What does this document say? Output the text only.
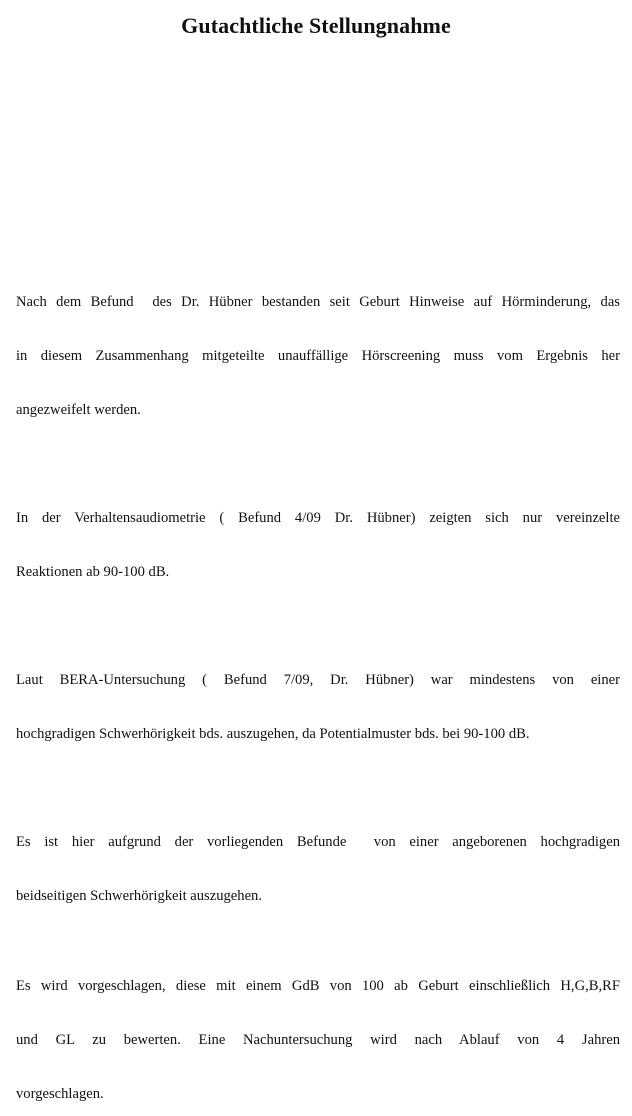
Gutachtliche Stellungnahme

Nach dem Befund  des Dr. Hübner bestanden seit Geburt Hinweise auf Hörminderung, das

in diesem Zusammenhang mitgeteilte unauffällige Hörscreening muss vom Ergebnis her

angezweifelt werden.

In der Verhaltensaudiometrie ( Befund 4/09 Dr. Hübner) zeigten sich nur vereinzelte

Reaktionen ab 90-100 dB.

Laut BERA-Untersuchung ( Befund 7/09, Dr. Hübner) war mindestens von einer

hochgradigen Schwerhörigkeit bds. auszugehen, da Potentialmuster bds. bei 90-100 dB.

Es ist hier aufgrund der vorliegenden Befunde  von einer angeborenen hochgradigen

beidseitigen Schwerhörigkeit auszugehen.

Es wird vorgeschlagen, diese mit einem GdB von 100 ab Geburt einschließlich H,G,B,RF

und GL zu bewerten. Eine Nachuntersuchung wird nach Ablauf von 4 Jahren

vorgeschlagen.
